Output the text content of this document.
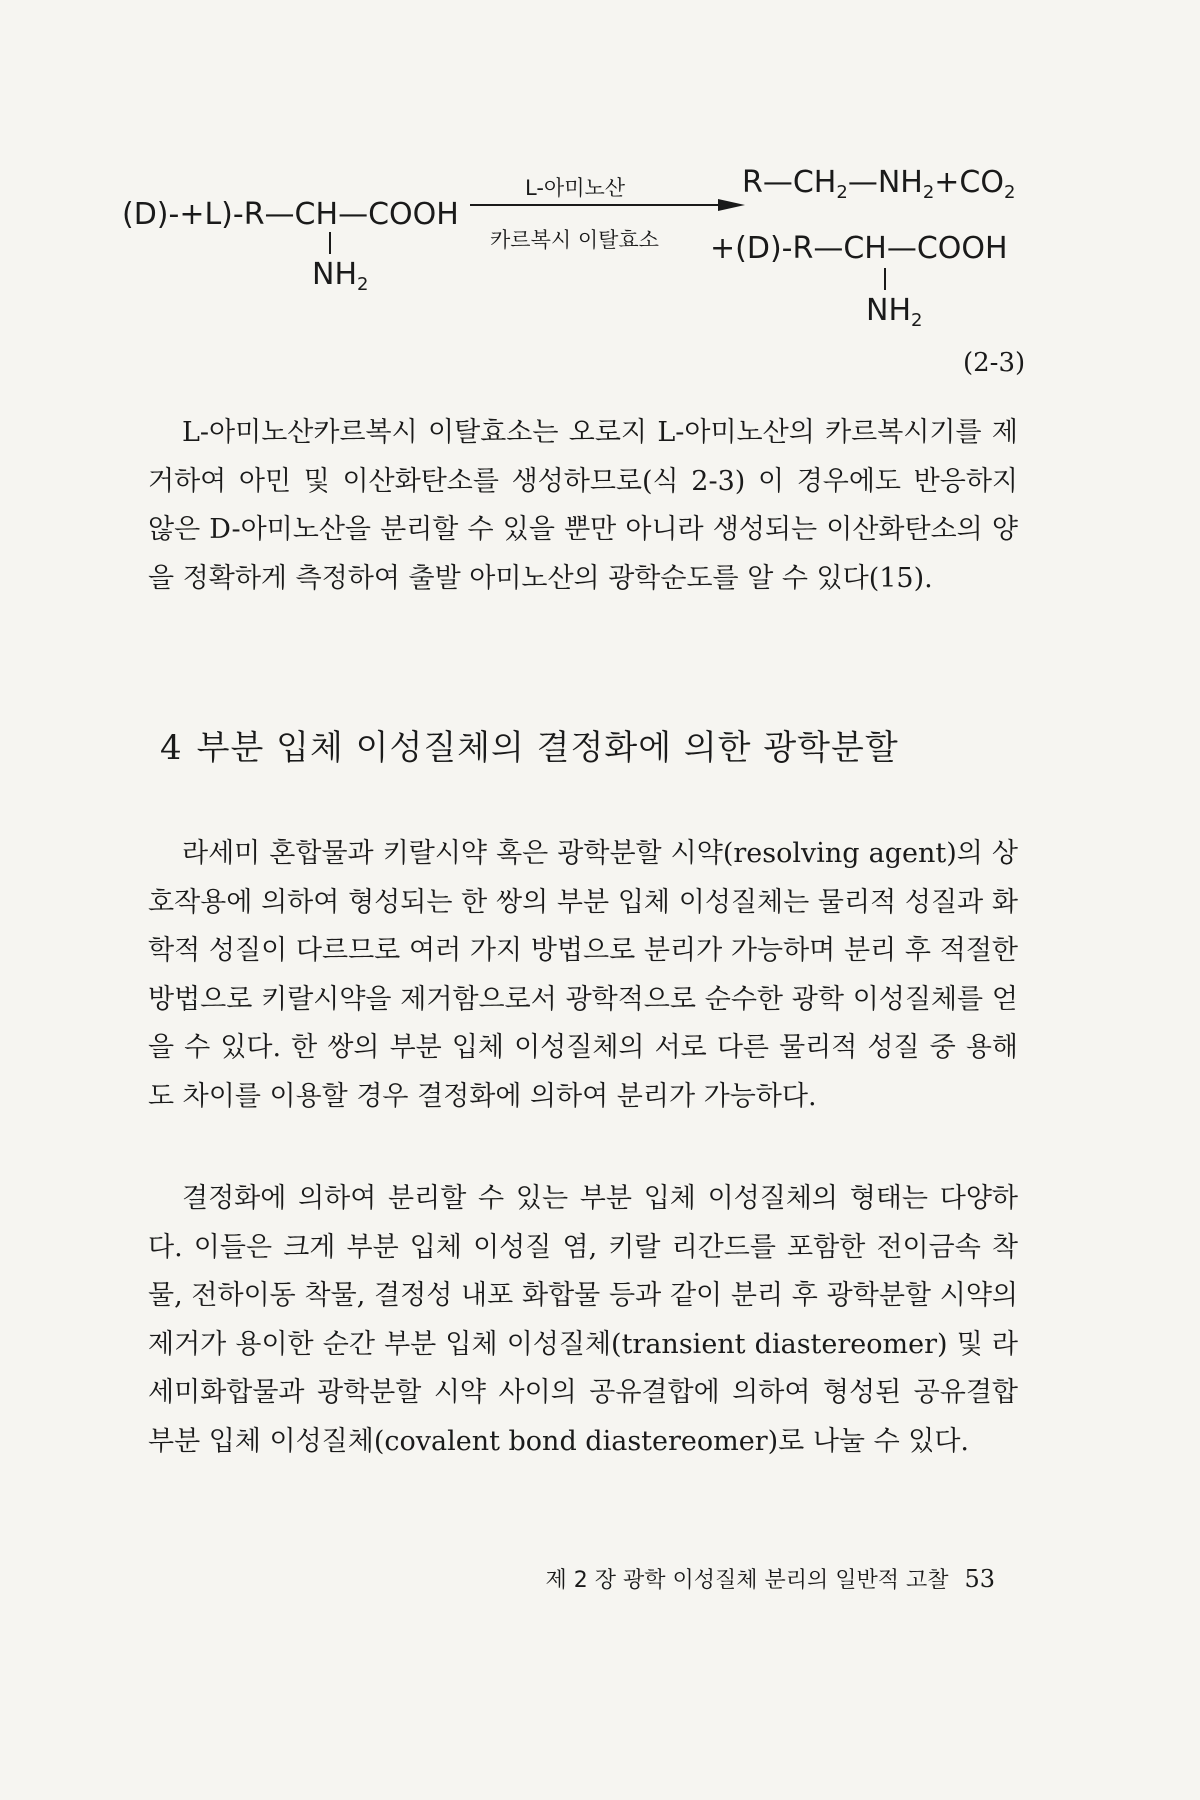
(D)-+L)-R—CH—COOH
$NH_2$
L-아미노산
카르복시 이탈효소
$R—CH_2—NH_2+CO_2$
+(D)-R—CH—COOH
$NH_2$
(2-3)

L-아미노산카르복시 이탈효소는 오로지 L-아미노산의 카르복시기를 제거하여 아민 및 이산화탄소를 생성하므로(식 2-3) 이 경우에도 반응하지 않은 D-아미노산을 분리할 수 있을 뿐만 아니라 생성되는 이산화탄소의 양을 정확하게 측정하여 출발 아미노산의 광학순도를 알 수 있다(15).

4 부분 입체 이성질체의 결정화에 의한 광학분할

라세미 혼합물과 키랄시약 혹은 광학분할 시약(resolving agent)의 상호작용에 의하여 형성되는 한 쌍의 부분 입체 이성질체는 물리적 성질과 화학적 성질이 다르므로 여러 가지 방법으로 분리가 가능하며 분리 후 적절한 방법으로 키랄시약을 제거함으로서 광학적으로 순수한 광학 이성질체를 얻을 수 있다. 한 쌍의 부분 입체 이성질체의 서로 다른 물리적 성질 중 용해도 차이를 이용할 경우 결정화에 의하여 분리가 가능하다.

결정화에 의하여 분리할 수 있는 부분 입체 이성질체의 형태는 다양하다. 이들은 크게 부분 입체 이성질 염, 키랄 리간드를 포함한 전이금속 착물, 전하이동 착물, 결정성 내포 화합물 등과 같이 분리 후 광학분할 시약의 제거가 용이한 순간 부분 입체 이성질체(transient diastereomer) 및 라세미화합물과 광학분할 시약 사이의 공유결합에 의하여 형성된 공유결합 부분 입체 이성질체(covalent bond diastereomer)로 나눌 수 있다.

제 2 장 광학 이성질체 분리의 일반적 고찰 53
